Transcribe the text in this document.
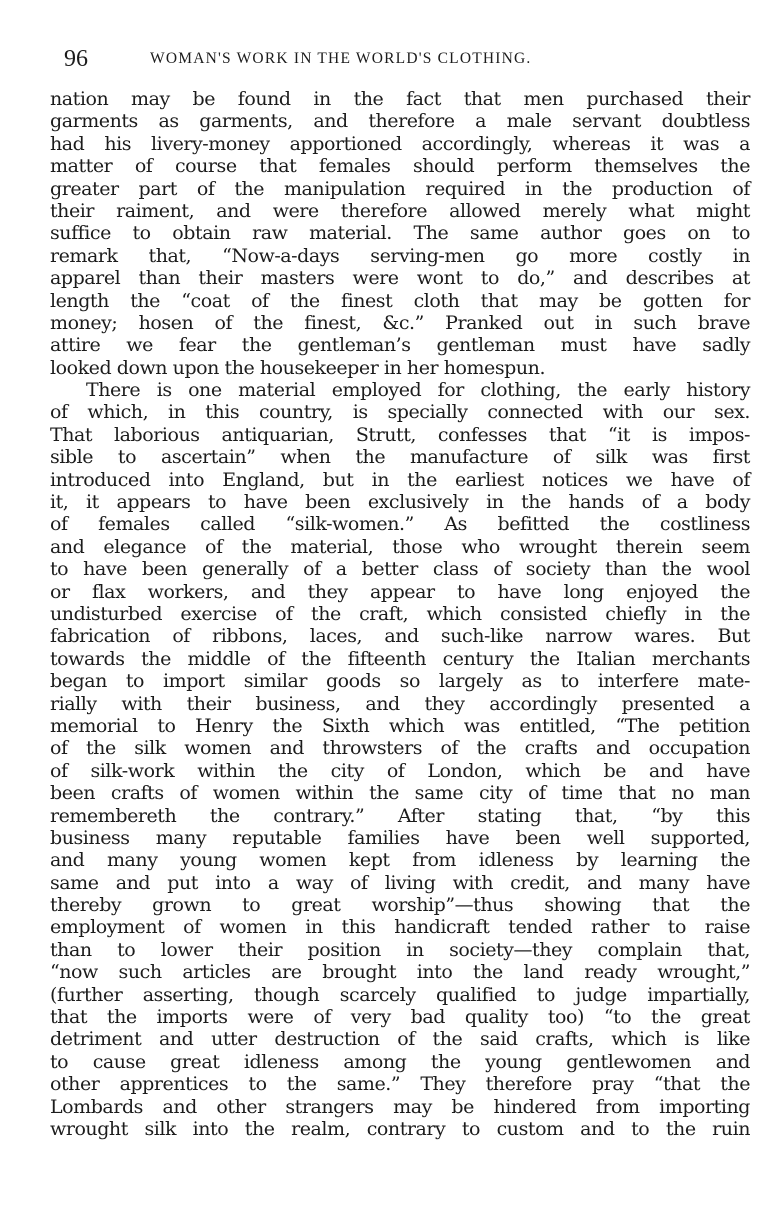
96	WOMAN'S WORK IN THE WORLD'S CLOTHING.
nation may be found in the fact that men purchased their
garments as garments, and therefore a male servant doubtless
had his livery-money apportioned accordingly, whereas it was a
matter of course that females should perform themselves the
greater part of the manipulation required in the production of
their raiment, and were therefore allowed merely what might
suffice to obtain raw material. The same author goes on to
remark that, “Now-a-days serving-men go more costly in
apparel than their masters were wont to do,” and describes at
length the “coat of the finest cloth that may be gotten for
money; hosen of the finest, &c.” Pranked out in such brave
attire we fear the gentleman’s gentleman must have sadly
looked down upon the housekeeper in her homespun.
There is one material employed for clothing, the early history
of which, in this country, is specially connected with our sex.
That laborious antiquarian, Strutt, confesses that “it is impos-
sible to ascertain” when the manufacture of silk was first
introduced into England, but in the earliest notices we have of
it, it appears to have been exclusively in the hands of a body
of females called “silk-women.” As befitted the costliness
and elegance of the material, those who wrought therein seem
to have been generally of a better class of society than the wool
or flax workers, and they appear to have long enjoyed the
undisturbed exercise of the craft, which consisted chiefly in the
fabrication of ribbons, laces, and such-like narrow wares. But
towards the middle of the fifteenth century the Italian merchants
began to import similar goods so largely as to interfere mate-
rially with their business, and they accordingly presented a
memorial to Henry the Sixth which was entitled, “The petition
of the silk women and throwsters of the crafts and occupation
of silk-work within the city of London, which be and have
been crafts of women within the same city of time that no man
remembereth the contrary.” After stating that, “by this
business many reputable families have been well supported,
and many young women kept from idleness by learning the
same and put into a way of living with credit, and many have
thereby grown to great worship”—thus showing that the
employment of women in this handicraft tended rather to raise
than to lower their position in society—they complain that,
“now such articles are brought into the land ready wrought,”
(further asserting, though scarcely qualified to judge impartially,
that the imports were of very bad quality too) “to the great
detriment and utter destruction of the said crafts, which is like
to cause great idleness among the young gentlewomen and
other apprentices to the same.” They therefore pray “that the
Lombards and other strangers may be hindered from importing
wrought silk into the realm, contrary to custom and to the ruin
